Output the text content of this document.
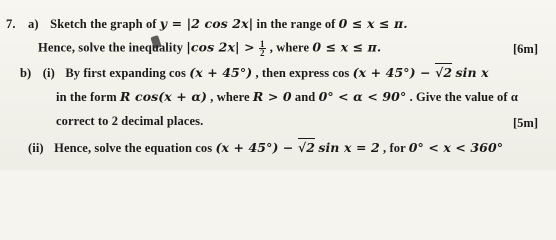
7. a) Sketch the graph of y = |2 cos 2x| in the range of 0 ≤ x ≤ π.
Hence, solve the inequality |cos $2x| > \frac{1}{2}$ , where 0 ≤ x ≤ π.	[6m]
b) (i) By first expanding cos (x + 45°) , then express cos (x + 45°) − √2 sin x
in the form R cos(x + α) , where R > 0 and 0° < α < 90° . Give the value of α
correct to 2 decimal places.	[5m]
(ii) Hence, solve the equation cos (x + 45°) − √2 sin x = 2 , for 0° < x < 360°
